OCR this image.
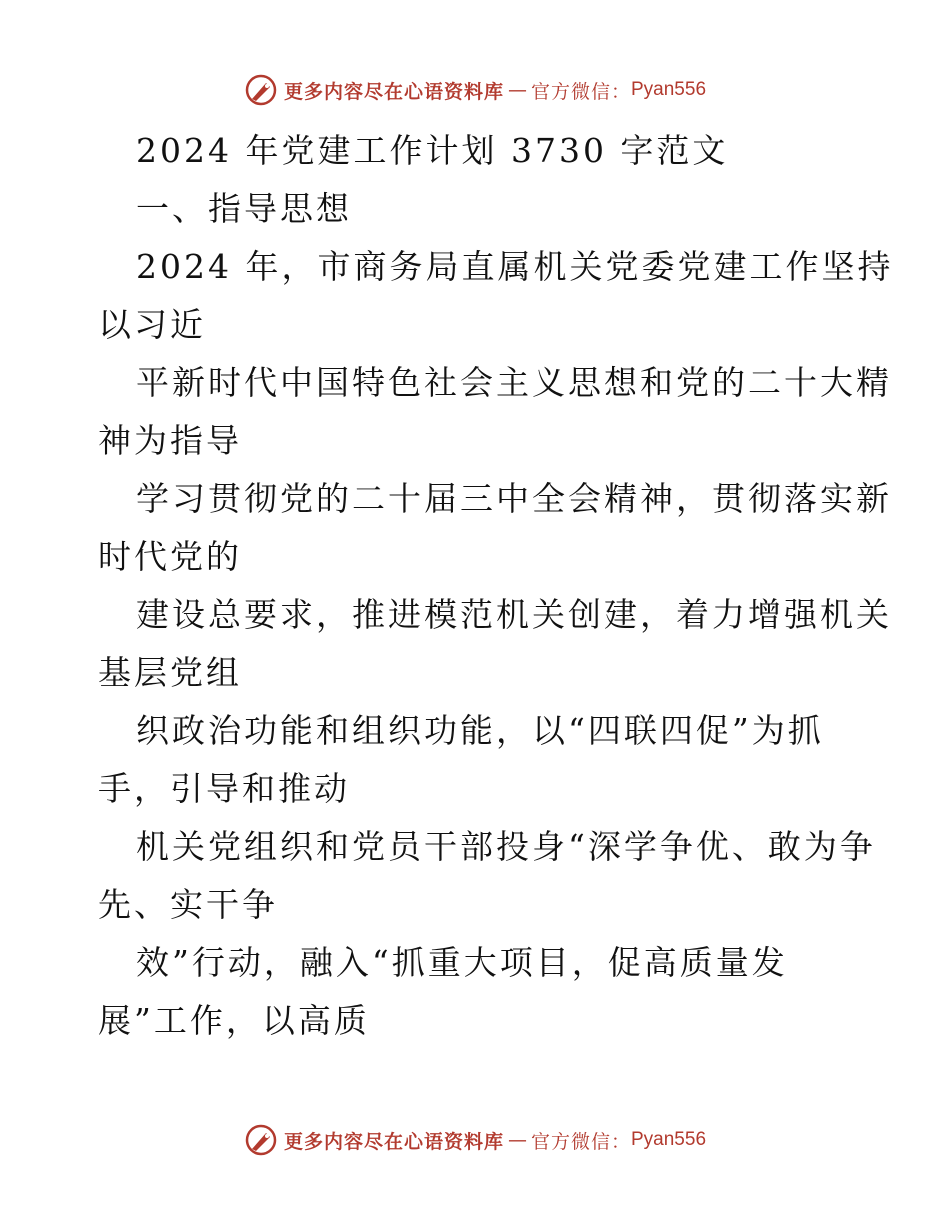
更多内容尽在心语资料库 — 官方微信： Pyan556
2024 年党建工作计划 3730 字范文
一、指导思想
2024 年，市商务局直属机关党委党建工作坚持
以习近
平新时代中国特色社会主义思想和党的二十大精
神为指导
学习贯彻党的二十届三中全会精神，贯彻落实新
时代党的
建设总要求，推进模范机关创建，着力增强机关
基层党组
织政治功能和组织功能，以“四联四促”为抓
手，引导和推动
机关党组织和党员干部投身“深学争优、敢为争
先、实干争
效”行动，融入“抓重大项目，促高质量发
展”工作，以高质
更多内容尽在心语资料库 — 官方微信： Pyan556
